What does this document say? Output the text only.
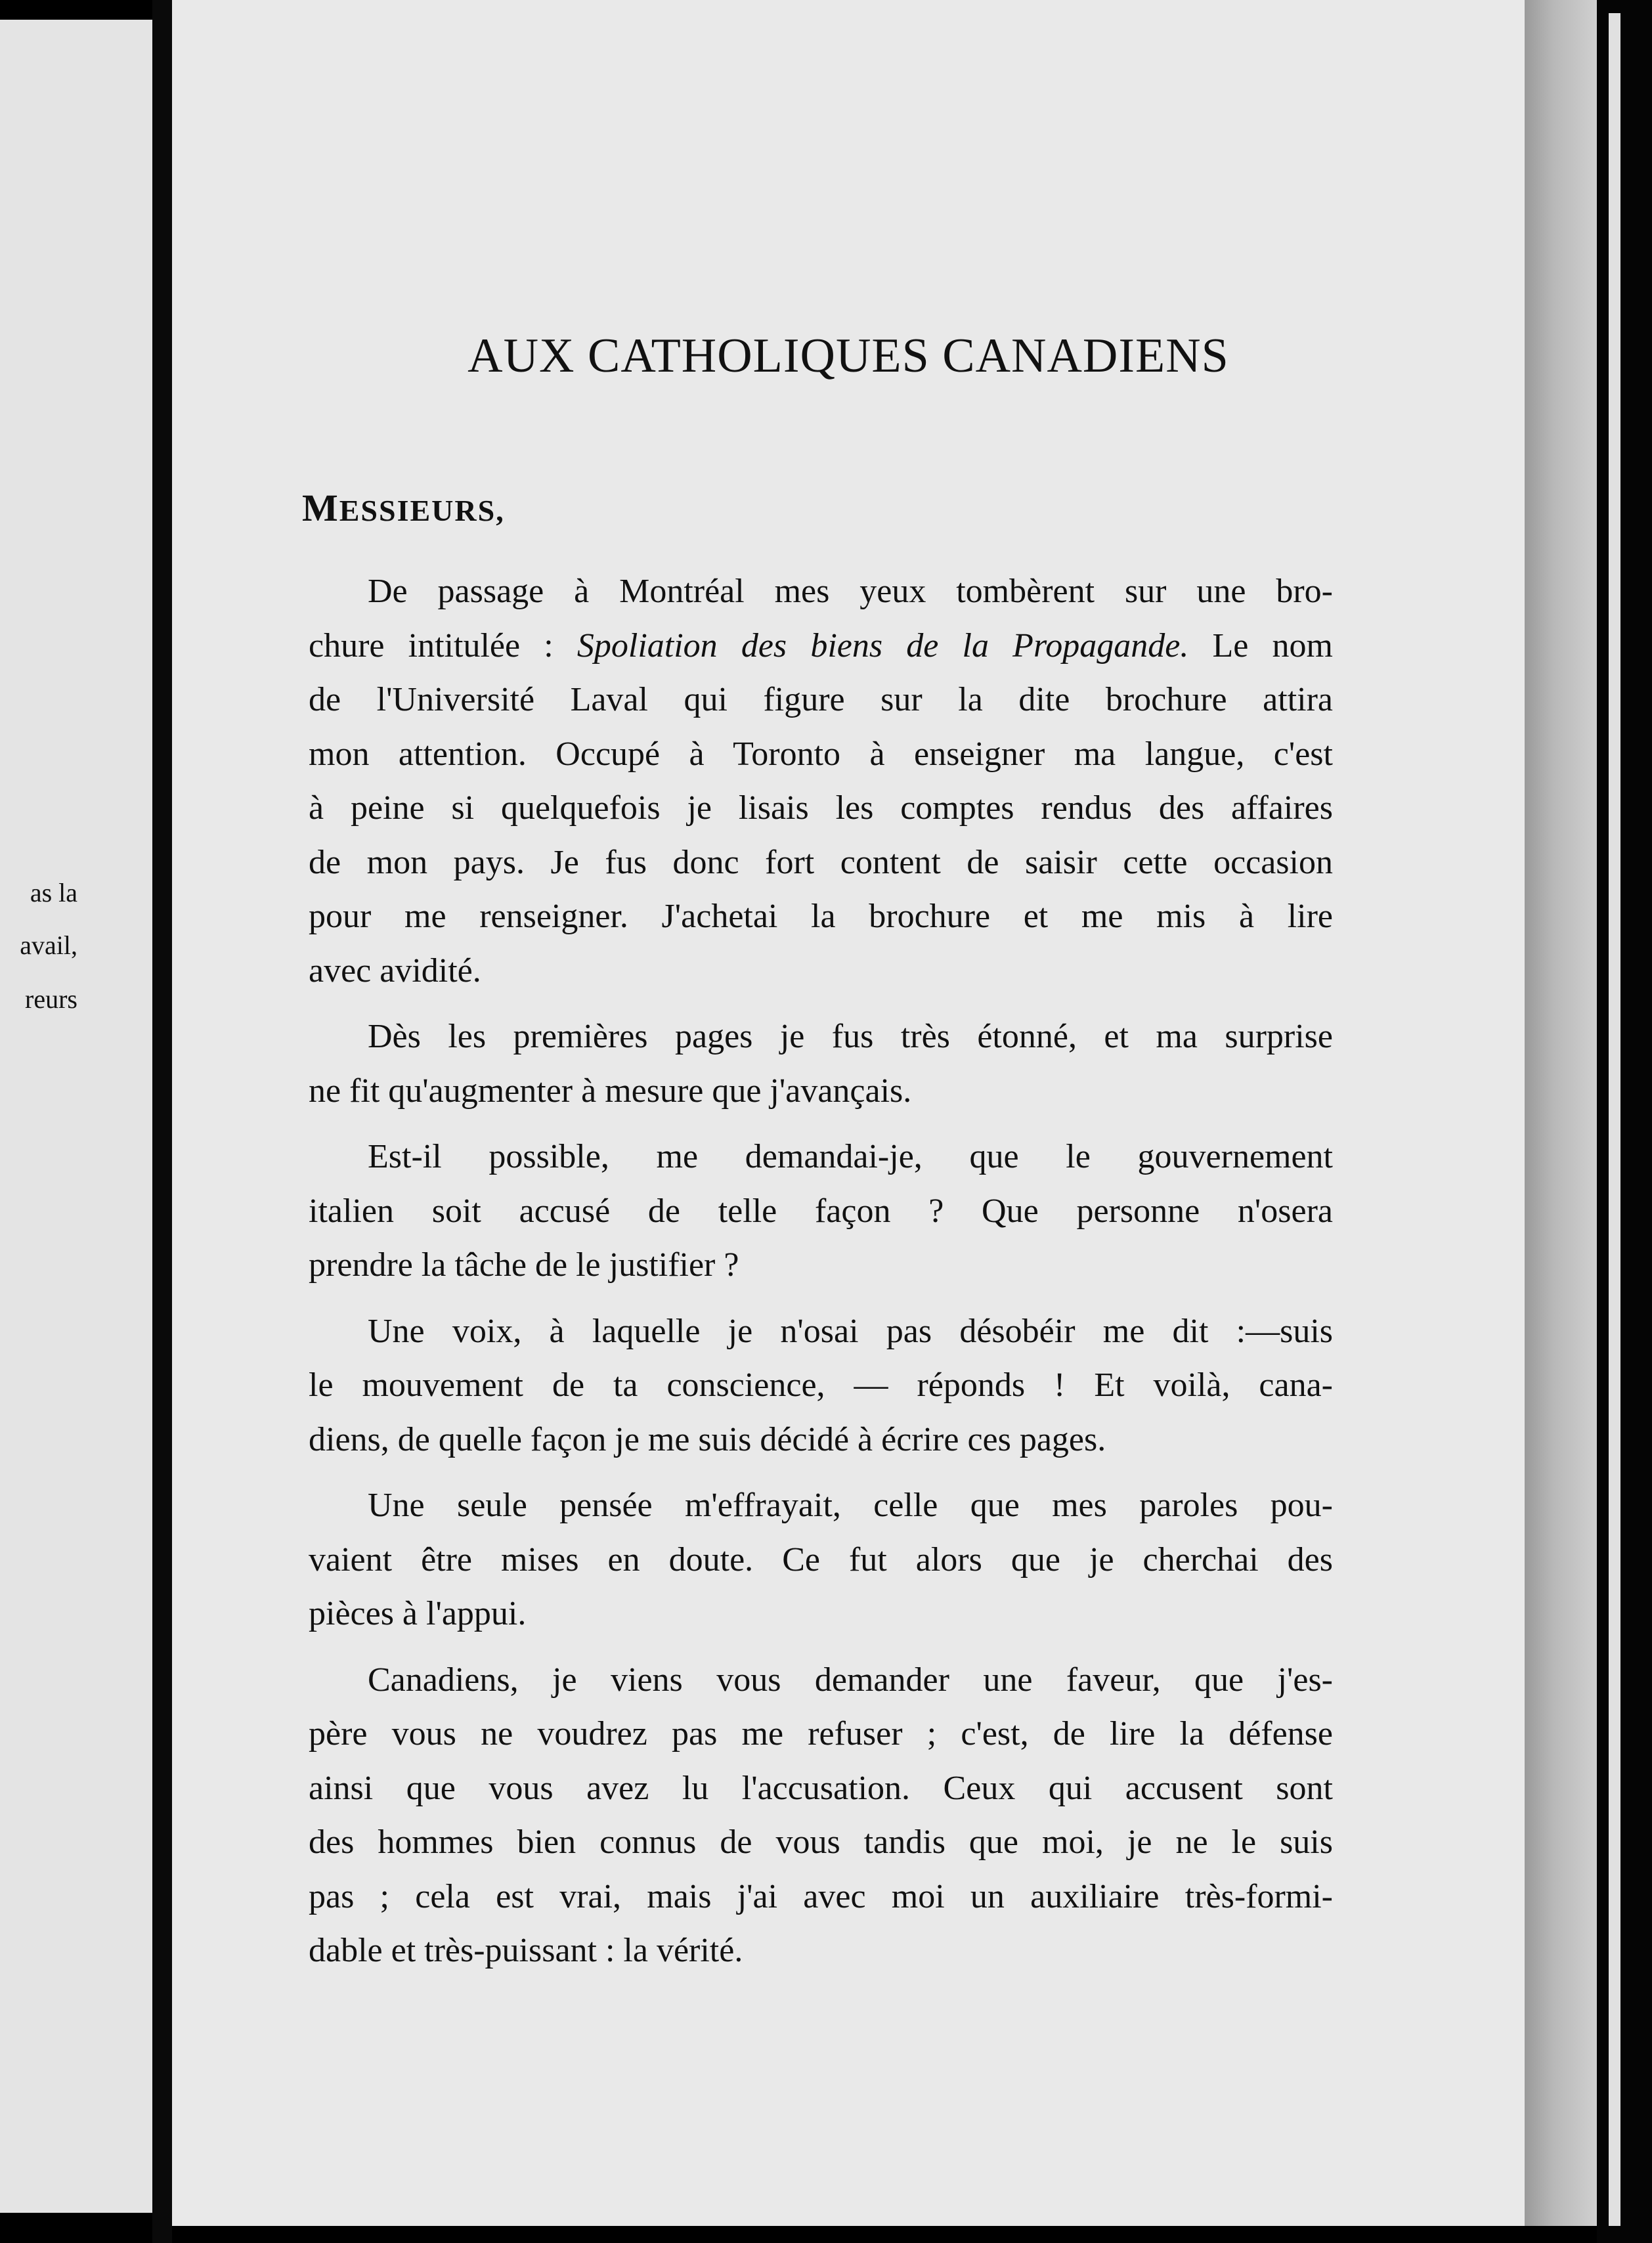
as la
avail,
reurs
AUX CATHOLIQUES CANADIENS
MESSIEURS,
De passage à Montréal mes yeux tombèrent sur une bro-
chure intitulée : Spoliation des biens de la Propagande. Le nom
de l'Université Laval qui figure sur la dite brochure attira
mon attention. Occupé à Toronto à enseigner ma langue, c'est
à peine si quelquefois je lisais les comptes rendus des affaires
de mon pays. Je fus donc fort content de saisir cette occasion
pour me renseigner. J'achetai la brochure et me mis à lire
avec avidité.
Dès les premières pages je fus très étonné, et ma surprise
ne fit qu'augmenter à mesure que j'avançais.
Est-il possible, me demandai-je, que le gouvernement
italien soit accusé de telle façon ? Que personne n'osera
prendre la tâche de le justifier ?
Une voix, à laquelle je n'osai pas désobéir me dit :—suis
le mouvement de ta conscience, — réponds ! Et voilà, cana-
diens, de quelle façon je me suis décidé à écrire ces pages.
Une seule pensée m'effrayait, celle que mes paroles pou-
vaient être mises en doute. Ce fut alors que je cherchai des
pièces à l'appui.
Canadiens, je viens vous demander une faveur, que j'es-
père vous ne voudrez pas me refuser ; c'est, de lire la défense
ainsi que vous avez lu l'accusation. Ceux qui accusent sont
des hommes bien connus de vous tandis que moi, je ne le suis
pas ; cela est vrai, mais j'ai avec moi un auxiliaire très-formi-
dable et très-puissant : la vérité.
